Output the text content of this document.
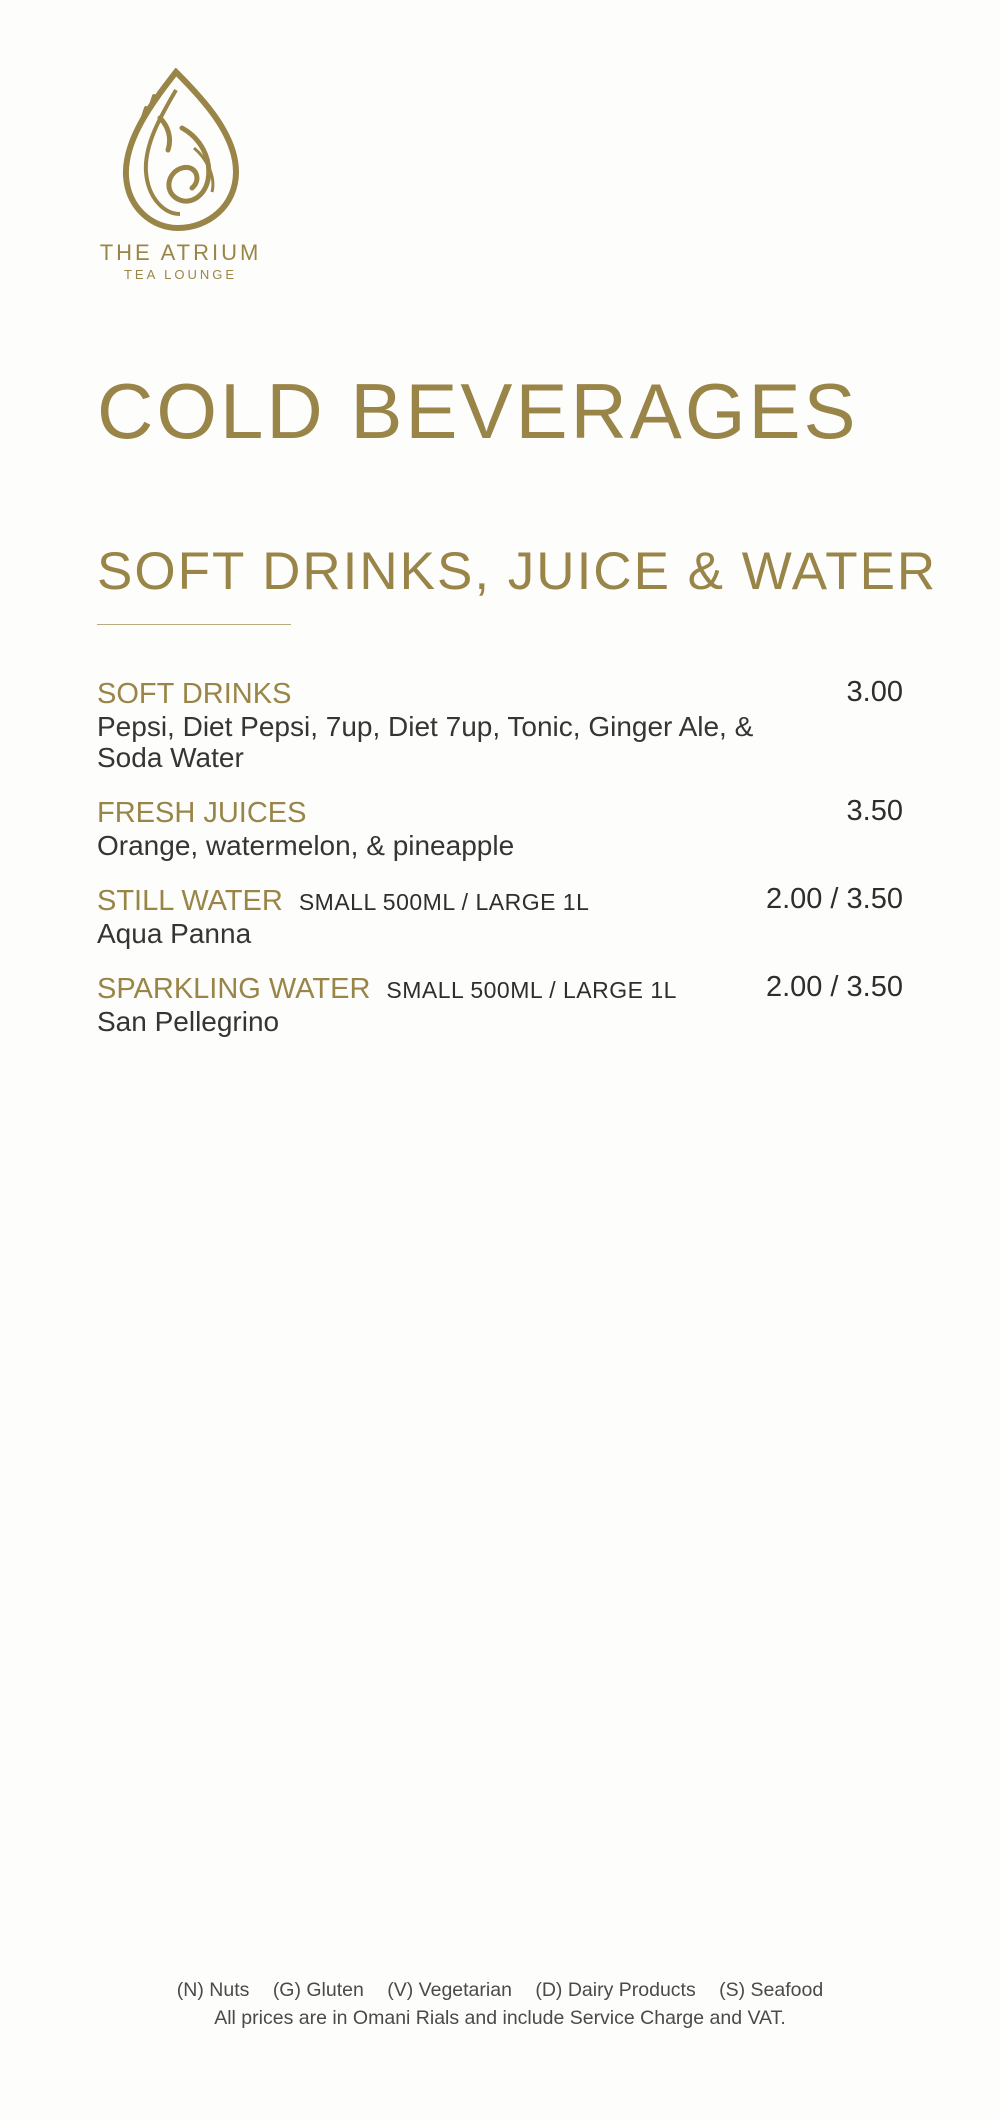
THE ATRIUM
TEA LOUNGE
COLD BEVERAGES
SOFT DRINKS, JUICE & WATER
SOFT DRINKS	3.00
Pepsi, Diet Pepsi, 7up, Diet 7up, Tonic, Ginger Ale, & Soda Water
FRESH JUICES	3.50
Orange, watermelon, & pineapple
STILL WATER SMALL 500ML / LARGE 1L	2.00 / 3.50
Aqua Panna
SPARKLING WATER SMALL 500ML / LARGE 1L	2.00 / 3.50
San Pellegrino
(N) Nuts (G) Gluten (V) Vegetarian (D) Dairy Products (S) Seafood
All prices are in Omani Rials and include Service Charge and VAT.
